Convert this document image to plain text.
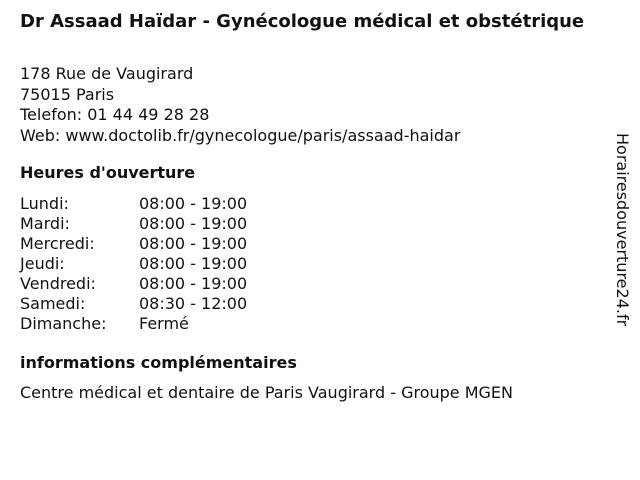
Dr Assaad Haïdar - Gynécologue médical et obstétrique
178 Rue de Vaugirard
75015 Paris
Telefon: 01 44 49 28 28
Web: www.doctolib.fr/gynecologue/paris/assaad-haidar
Heures d'ouverture
Lundi:	08:00 - 19:00
Mardi:	08:00 - 19:00
Mercredi:	08:00 - 19:00
Jeudi:	08:00 - 19:00
Vendredi:	08:00 - 19:00
Samedi:	08:30 - 12:00
Dimanche: Fermé
informations complémentaires
Centre médical et dentaire de Paris Vaugirard - Groupe MGEN
Horairesdouverture24.fr
